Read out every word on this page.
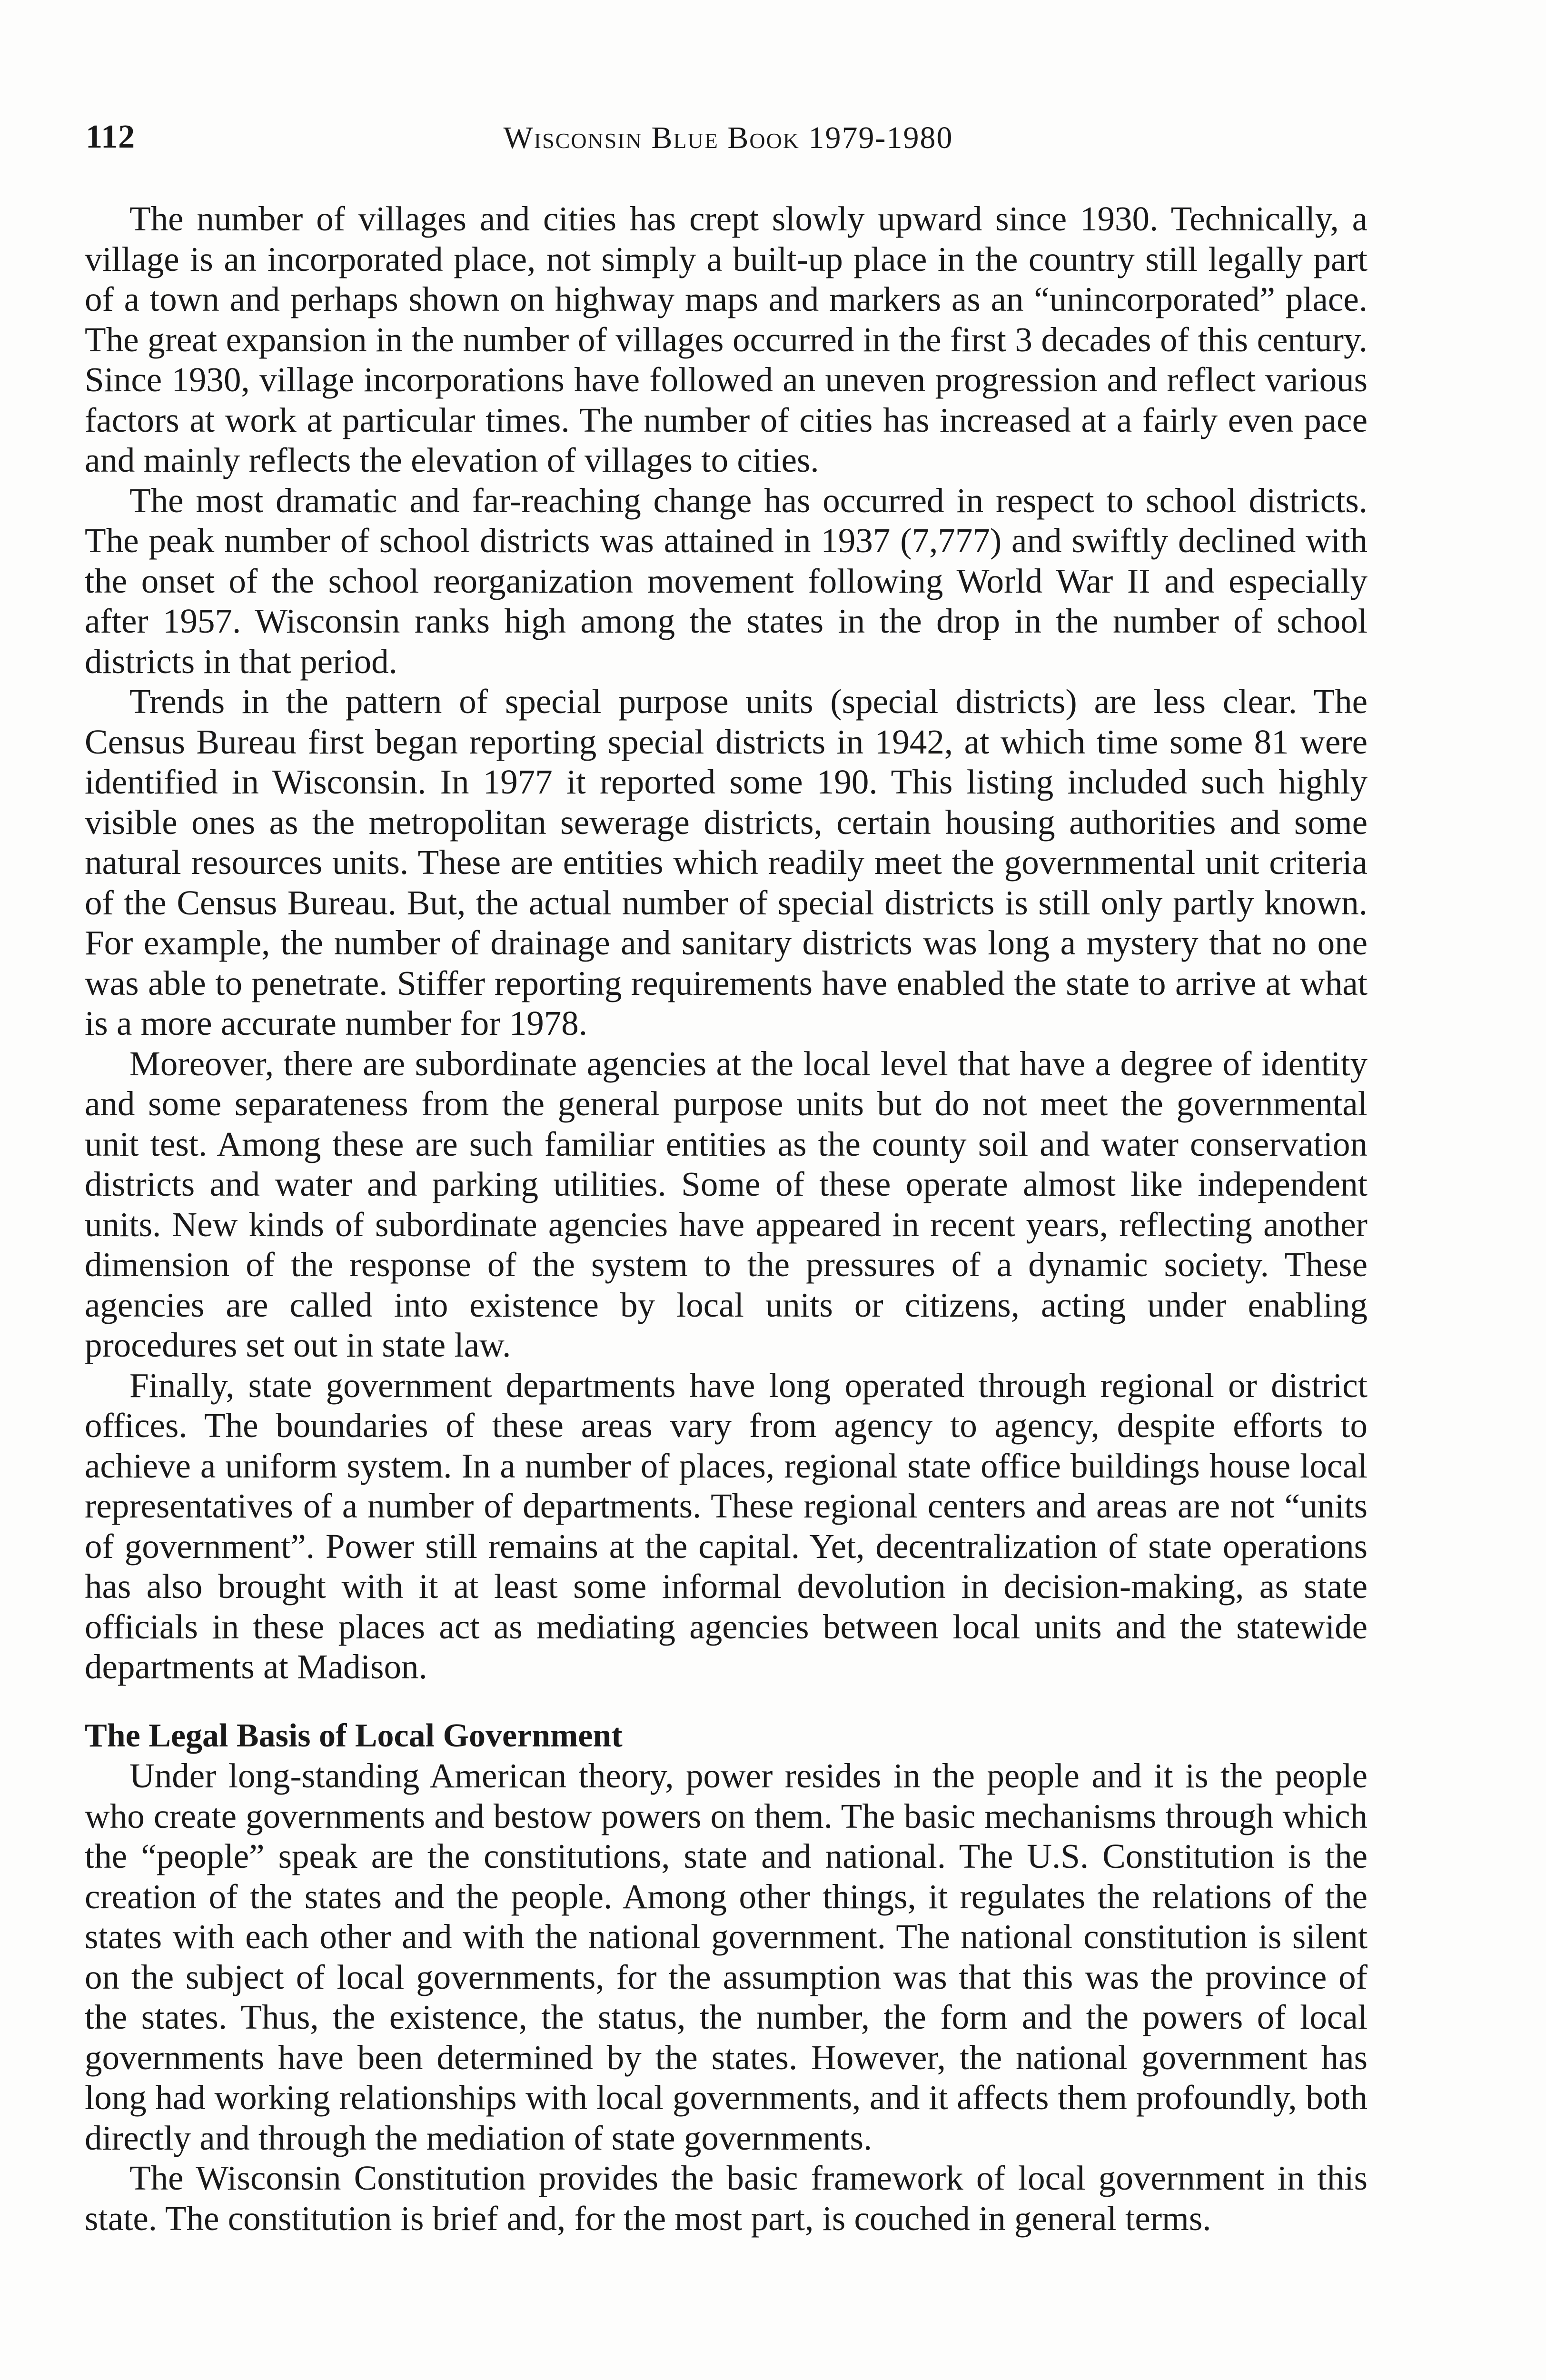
112	Wisconsin Blue Book 1979-1980

The number of villages and cities has crept slowly upward since 1930. Technically, a village is an incorporated place, not simply a built-up place in the country still legally part of a town and perhaps shown on highway maps and markers as an “unincorporated” place. The great expansion in the number of villages occurred in the first 3 decades of this century. Since 1930, village incorporations have followed an uneven progression and reflect various factors at work at particular times. The number of cities has increased at a fairly even pace and mainly reflects the elevation of villages to cities.

The most dramatic and far-reaching change has occurred in respect to school districts. The peak number of school districts was attained in 1937 (7,777) and swiftly declined with the onset of the school reorganization movement following World War II and especially after 1957. Wisconsin ranks high among the states in the drop in the number of school districts in that period.

Trends in the pattern of special purpose units (special districts) are less clear. The Census Bureau first began reporting special districts in 1942, at which time some 81 were identified in Wisconsin. In 1977 it reported some 190. This listing included such highly visible ones as the metropolitan sewerage districts, certain housing authorities and some natural resources units. These are entities which readily meet the governmental unit criteria of the Census Bureau. But, the actual number of special districts is still only partly known. For example, the number of drainage and sanitary districts was long a mystery that no one was able to penetrate. Stiffer reporting requirements have enabled the state to arrive at what is a more accurate number for 1978.

Moreover, there are subordinate agencies at the local level that have a degree of identity and some separateness from the general purpose units but do not meet the governmental unit test. Among these are such familiar entities as the county soil and water conservation districts and water and parking utilities. Some of these operate almost like independent units. New kinds of subordinate agencies have appeared in recent years, reflecting another dimension of the response of the system to the pressures of a dynamic society. These agencies are called into existence by local units or citizens, acting under enabling procedures set out in state law.

Finally, state government departments have long operated through regional or district offices. The boundaries of these areas vary from agency to agency, despite efforts to achieve a uniform system. In a number of places, regional state office buildings house local representatives of a number of departments. These regional centers and areas are not “units of government”. Power still remains at the capital. Yet, decentralization of state operations has also brought with it at least some informal devolution in decision-making, as state officials in these places act as mediating agencies between local units and the statewide departments at Madison.

The Legal Basis of Local Government

Under long-standing American theory, power resides in the people and it is the people who create governments and bestow powers on them. The basic mechanisms through which the “people” speak are the constitutions, state and national. The U.S. Constitution is the creation of the states and the people. Among other things, it regulates the relations of the states with each other and with the national government. The national constitution is silent on the subject of local governments, for the assumption was that this was the province of the states. Thus, the existence, the status, the number, the form and the powers of local governments have been determined by the states. However, the national government has long had working relationships with local governments, and it affects them profoundly, both directly and through the mediation of state governments.

The Wisconsin Constitution provides the basic framework of local government in this state. The constitution is brief and, for the most part, is couched in general terms.
